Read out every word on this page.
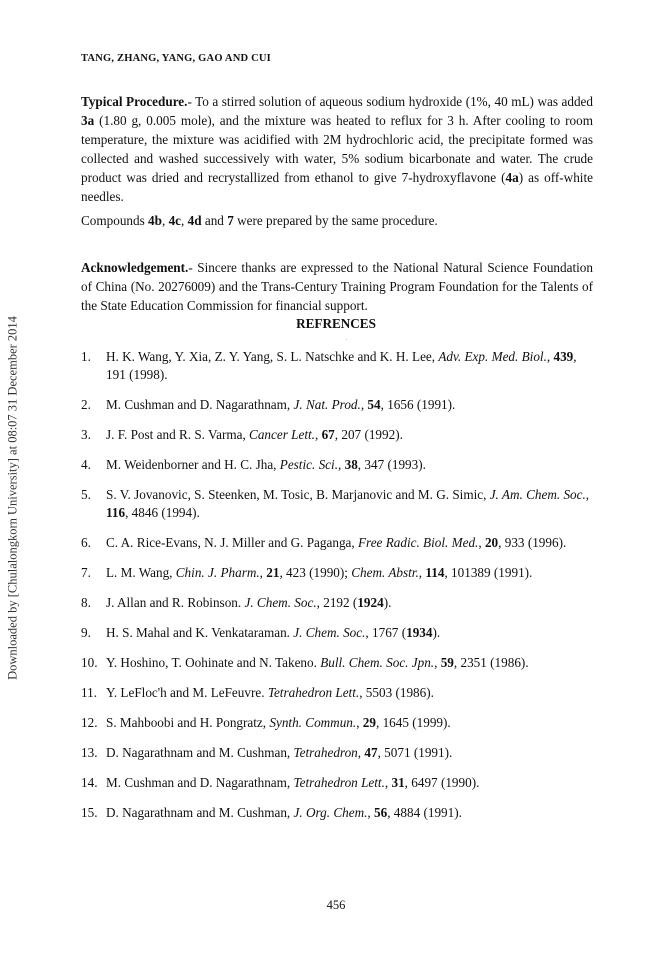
Downloaded by [Chulalongkorn University] at 08:07 31 December 2014
TANG, ZHANG, YANG, GAO AND CUI
Typical Procedure.- To a stirred solution of aqueous sodium hydroxide (1%, 40 mL) was added 3a (1.80 g, 0.005 mole), and the mixture was heated to reflux for 3 h. After cooling to room temperature, the mixture was acidified with 2M hydrochloric acid, the precipitate formed was collected and washed successively with water, 5% sodium bicarbonate and water. The crude product was dried and recrystallized from ethanol to give 7-hydroxyflavone (4a) as off-white needles.
Compounds 4b, 4c, 4d and 7 were prepared by the same procedure.
Acknowledgement.- Sincere thanks are expressed to the National Natural Science Foundation of China (No. 20276009) and the Trans-Century Training Program Foundation for the Talents of the State Education Commission for financial support.
REFRENCES
1. H. K. Wang, Y. Xia, Z. Y. Yang, S. L. Natschke and K. H. Lee, Adv. Exp. Med. Biol., 439, 191 (1998).
2. M. Cushman and D. Nagarathnam, J. Nat. Prod., 54, 1656 (1991).
3. J. F. Post and R. S. Varma, Cancer Lett., 67, 207 (1992).
4. M. Weidenborner and H. C. Jha, Pestic. Sci., 38, 347 (1993).
5. S. V. Jovanovic, S. Steenken, M. Tosic, B. Marjanovic and M. G. Simic, J. Am. Chem. Soc., 116, 4846 (1994).
6. C. A. Rice-Evans, N. J. Miller and G. Paganga, Free Radic. Biol. Med., 20, 933 (1996).
7. L. M. Wang, Chin. J. Pharm., 21, 423 (1990); Chem. Abstr., 114, 101389 (1991).
8. J. Allan and R. Robinson. J. Chem. Soc., 2192 (1924).
9. H. S. Mahal and K. Venkataraman. J. Chem. Soc., 1767 (1934).
10. Y. Hoshino, T. Oohinate and N. Takeno. Bull. Chem. Soc. Jpn., 59, 2351 (1986).
11. Y. LeFloc'h and M. LeFeuvre. Tetrahedron Lett., 5503 (1986).
12. S. Mahboobi and H. Pongratz, Synth. Commun., 29, 1645 (1999).
13. D. Nagarathnam and M. Cushman, Tetrahedron, 47, 5071 (1991).
14. M. Cushman and D. Nagarathnam, Tetrahedron Lett., 31, 6497 (1990).
15. D. Nagarathnam and M. Cushman, J. Org. Chem., 56, 4884 (1991).
456
